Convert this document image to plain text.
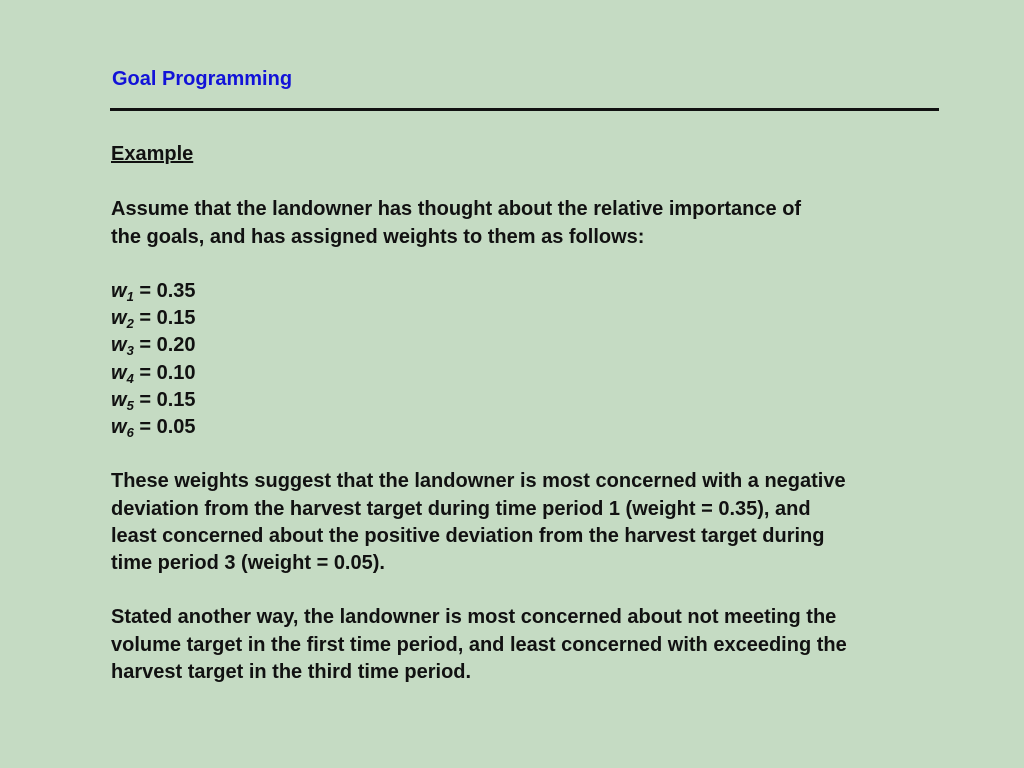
Goal Programming
Example
Assume that the landowner has thought about the relative importance of
the goals, and has assigned weights to them as follows:
$w_1 = 0.35$
$w_2 = 0.15$
$w_3 = 0.20$
$w_4 = 0.10$
$w_5 = 0.15$
$w_6 = 0.05$
These weights suggest that the landowner is most concerned with a negative
deviation from the harvest target during time period 1 (weight = 0.35), and
least concerned about the positive deviation from the harvest target during
time period 3 (weight = 0.05).
Stated another way, the landowner is most concerned about not meeting the
volume target in the first time period, and least concerned with exceeding the
harvest target in the third time period.
